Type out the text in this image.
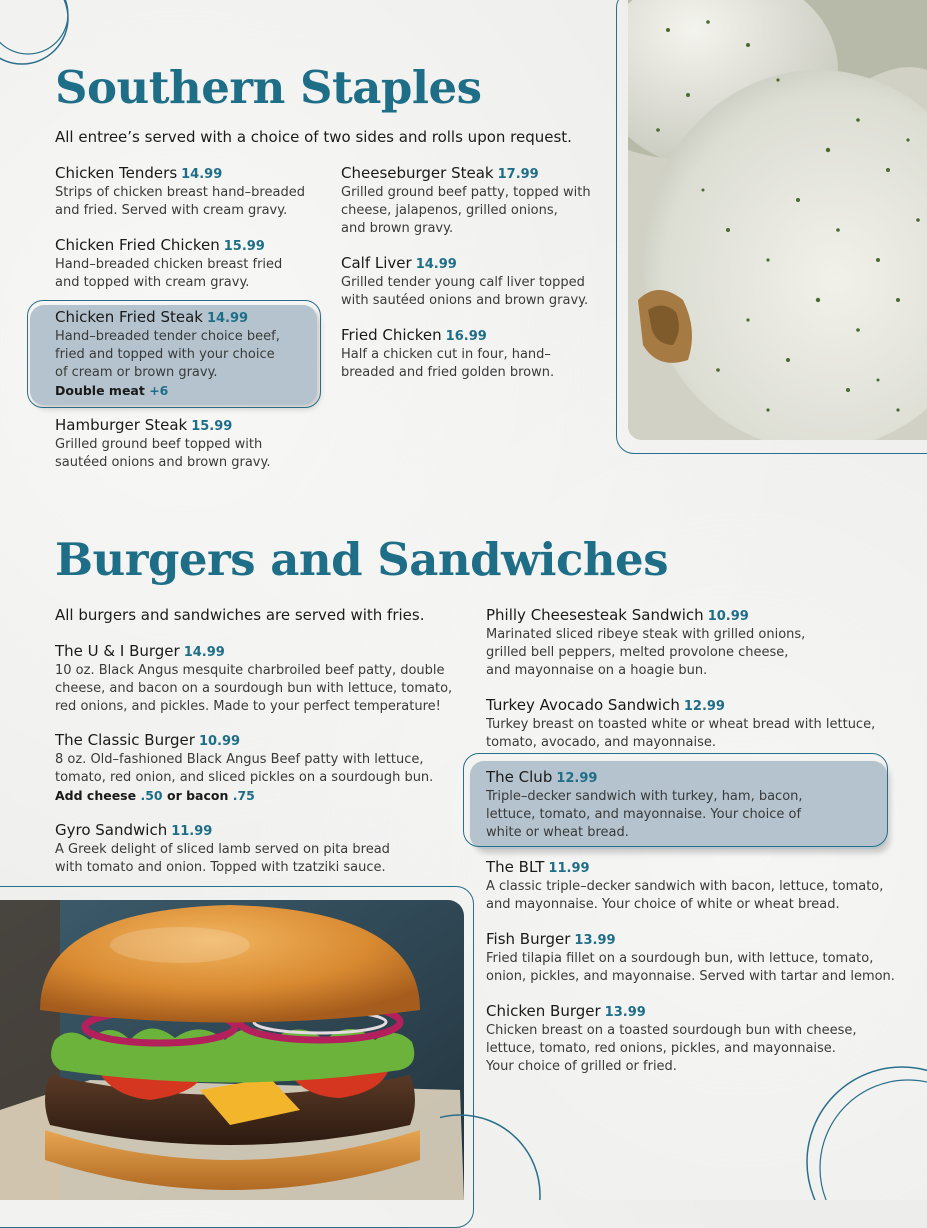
Southern Staples
All entree’s served with a choice of two sides and rolls upon request.
Chicken Tenders 14.99
Strips of chicken breast hand–breaded
and fried. Served with cream gravy.
Chicken Fried Chicken 15.99
Hand–breaded chicken breast fried
and topped with cream gravy.
Chicken Fried Steak 14.99
Hand–breaded tender choice beef,
fried and topped with your choice
of cream or brown gravy.
Double meat +6
Hamburger Steak 15.99
Grilled ground beef topped with
sautéed onions and brown gravy.
Cheeseburger Steak 17.99
Grilled ground beef patty, topped with
cheese, jalapenos, grilled onions,
and brown gravy.
Calf Liver 14.99
Grilled tender young calf liver topped
with sautéed onions and brown gravy.
Fried Chicken 16.99
Half a chicken cut in four, hand–
breaded and fried golden brown.
Burgers and Sandwiches
All burgers and sandwiches are served with fries.
The U & I Burger 14.99
10 oz. Black Angus mesquite charbroiled beef patty, double
cheese, and bacon on a sourdough bun with lettuce, tomato,
red onions, and pickles. Made to your perfect temperature!
The Classic Burger 10.99
8 oz. Old–fashioned Black Angus Beef patty with lettuce,
tomato, red onion, and sliced pickles on a sourdough bun.
Add cheese .50 or bacon .75
Gyro Sandwich 11.99
A Greek delight of sliced lamb served on pita bread
with tomato and onion. Topped with tzatziki sauce.
Philly Cheesesteak Sandwich 10.99
Marinated sliced ribeye steak with grilled onions,
grilled bell peppers, melted provolone cheese,
and mayonnaise on a hoagie bun.
Turkey Avocado Sandwich 12.99
Turkey breast on toasted white or wheat bread with lettuce,
tomato, avocado, and mayonnaise.
The Club 12.99
Triple–decker sandwich with turkey, ham, bacon,
lettuce, tomato, and mayonnaise. Your choice of
white or wheat bread.
The BLT 11.99
A classic triple–decker sandwich with bacon, lettuce, tomato,
and mayonnaise. Your choice of white or wheat bread.
Fish Burger 13.99
Fried tilapia fillet on a sourdough bun, with lettuce, tomato,
onion, pickles, and mayonnaise. Served with tartar and lemon.
Chicken Burger 13.99
Chicken breast on a toasted sourdough bun with cheese,
lettuce, tomato, red onions, pickles, and mayonnaise.
Your choice of grilled or fried.
